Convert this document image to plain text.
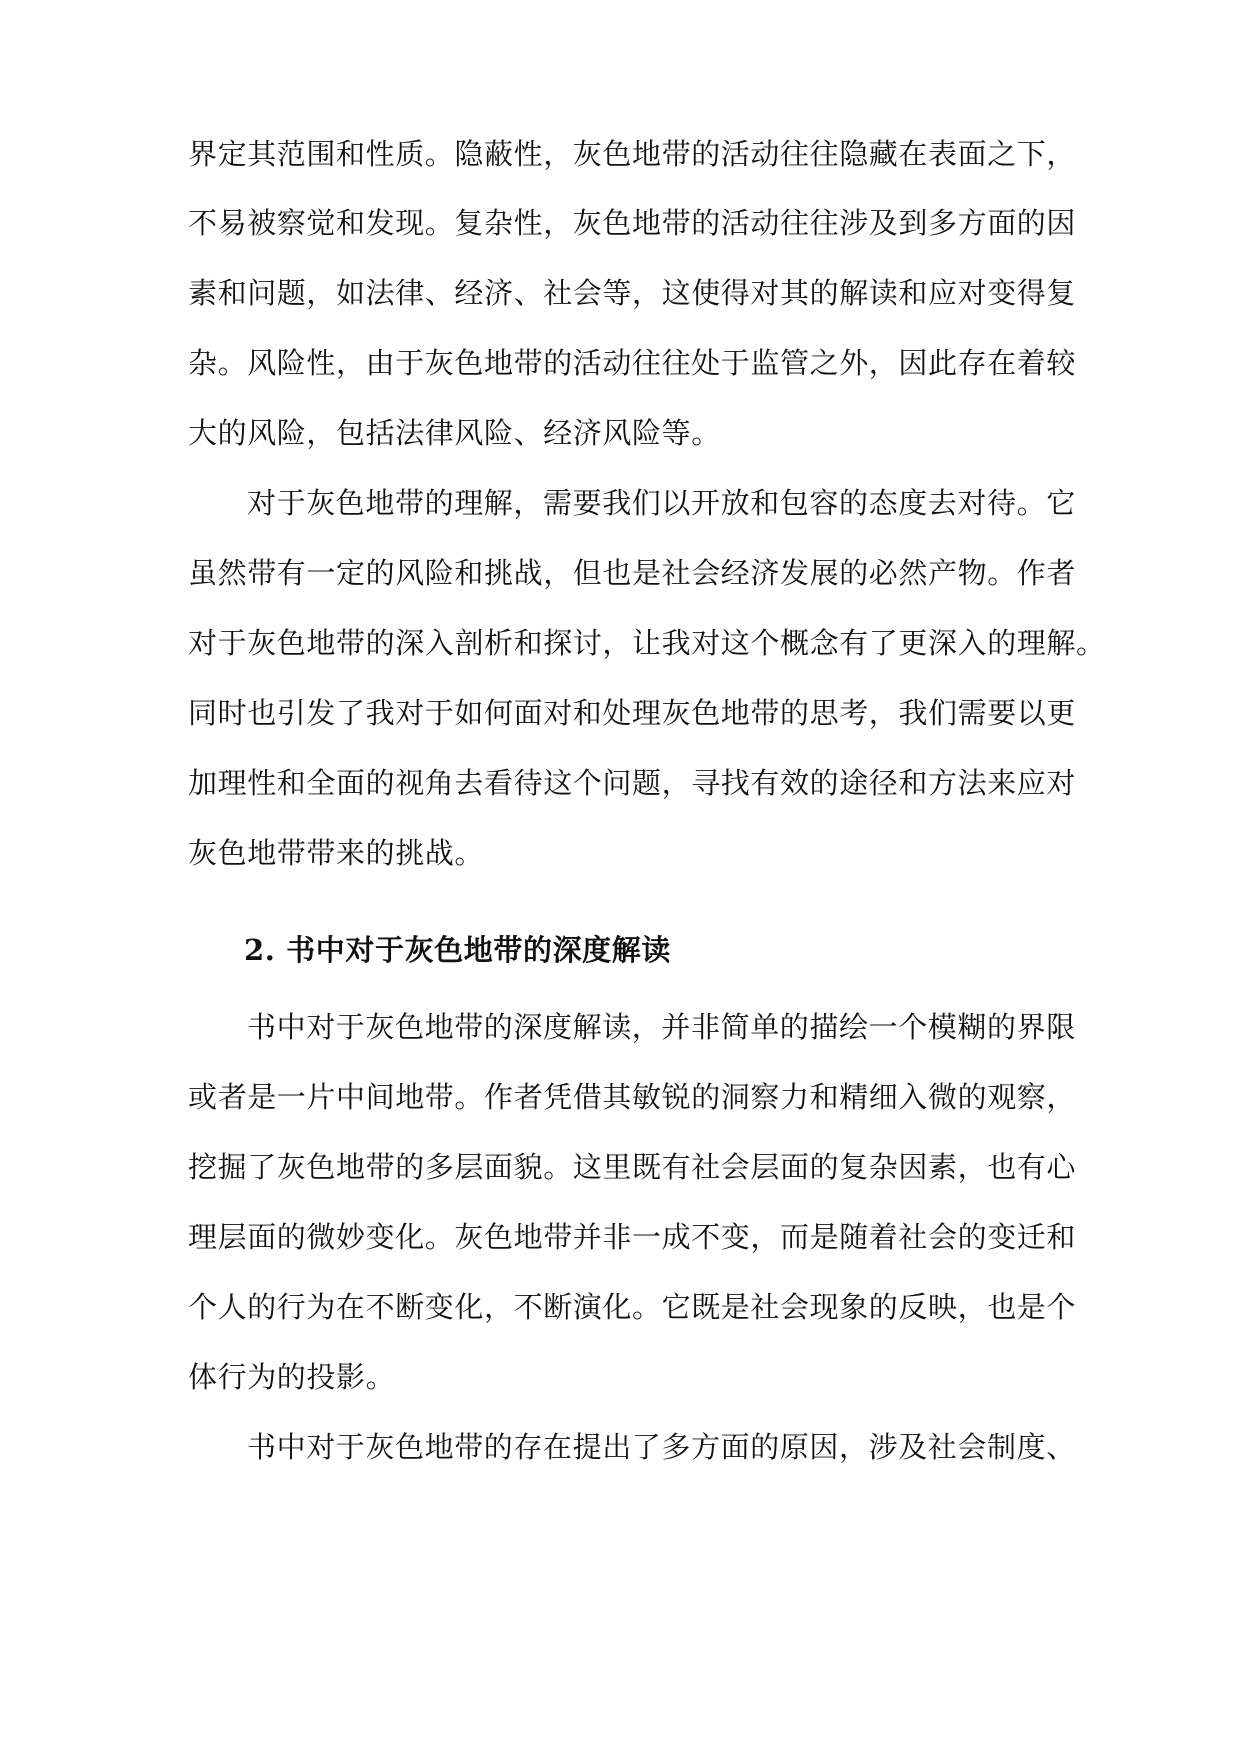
界定其范围和性质。隐蔽性，灰色地带的活动往往隐藏在表面之下，
不易被察觉和发现。复杂性，灰色地带的活动往往涉及到多方面的因
素和问题，如法律、经济、社会等，这使得对其的解读和应对变得复
杂。风险性，由于灰色地带的活动往往处于监管之外，因此存在着较
大的风险，包括法律风险、经济风险等。
对于灰色地带的理解，需要我们以开放和包容的态度去对待。它
虽然带有一定的风险和挑战，但也是社会经济发展的必然产物。作者
对于灰色地带的深入剖析和探讨，让我对这个概念有了更深入的理解。
同时也引发了我对于如何面对和处理灰色地带的思考，我们需要以更
加理性和全面的视角去看待这个问题，寻找有效的途径和方法来应对
灰色地带带来的挑战。
2. 书中对于灰色地带的深度解读
书中对于灰色地带的深度解读，并非简单的描绘一个模糊的界限
或者是一片中间地带。作者凭借其敏锐的洞察力和精细入微的观察，
挖掘了灰色地带的多层面貌。这里既有社会层面的复杂因素，也有心
理层面的微妙变化。灰色地带并非一成不变，而是随着社会的变迁和
个人的行为在不断变化，不断演化。它既是社会现象的反映，也是个
体行为的投影。
书中对于灰色地带的存在提出了多方面的原因，涉及社会制度、
